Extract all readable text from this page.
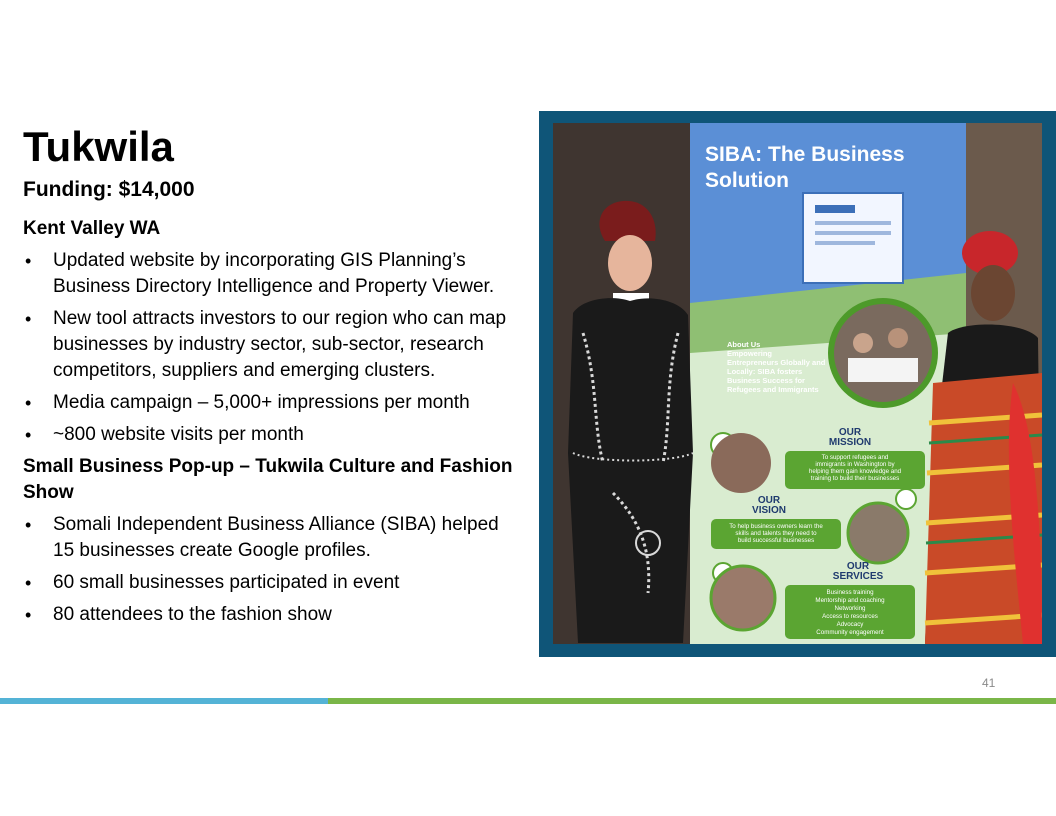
Tukwila
Funding: $14,000
Kent Valley WA
• Updated website by incorporating GIS Planning’s Business Directory Intelligence and Property Viewer.
• New tool attracts investors to our region who can map businesses by industry sector, sub-sector, research competitors, suppliers and emerging clusters.
• Media campaign – 5,000+ impressions per month
• ~800 website visits per month
Small Business Pop-up – Tukwila Culture and Fashion Show
• Somali Independent Business Alliance (SIBA) helped 15 businesses create Google profiles.
• 60 small businesses participated in event
• 80 attendees to the fashion show
SIBA: The Business
Solution
About Us
Empowering
Entrepreneurs Globally and
Locally: SIBA fosters
Business Success for
Refugees and Immigrants
OUR
MISSION
To support refugees and
immigrants in Washington by
helping them gain knowledge and
training to build their businesses
OUR
VISION
To help business owners learn the
skills and talents they need to
build successful businesses
OUR
SERVICES
Business training
Mentorship and coaching
Networking
Access to resources
Advocacy
Community engagement
41
